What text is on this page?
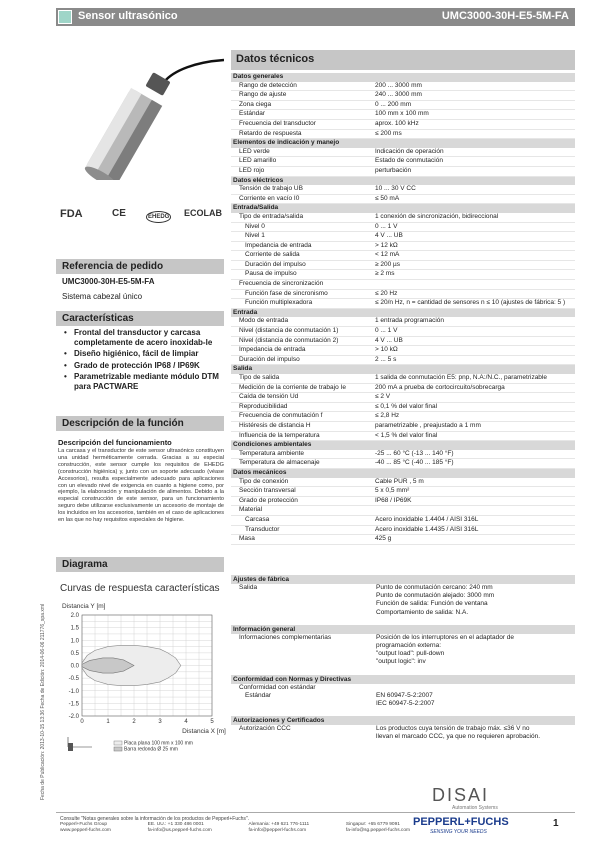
Sensor ultrasónico	UMC3000-30H-E5-5M-FA
FDA	CE	EHEDG ECOLAB
Referencia de pedido
UMC3000-30H-E5-5M-FA
Sistema cabezal único
Características
• Frontal del transductor y carcasa completamente de acero inoxidab-le
• Diseño higiénico, fácil de limpiar
• Grado de protección IP68 / IP69K
• Parametrizable mediante módulo DTM para PACTWARE
Descripción de la función
Descripción del funcionamiento
La carcasa y el transductor de este sensor ultrasónico constituyen una unidad herméticamente cerrada. Gracias a su especial construcción, este sensor cumple los requisitos de EHEDG (construcción higiénica) y, junto con un soporte adecuado (véase Accesorios), resulta especialmente adecuado para aplicaciones con un elevado nivel de exigencia en cuanto a higiene como, por ejemplo, la elaboración y manipulación de alimentos. Debido a la especial construcción de este sensor, para un funcionamiento seguro debe utilizarse exclusivamente un accesorio de montaje de los incluidos en los accesorios, también en el caso de aplicaciones en las que no hay requisitos especiales de higiene.
Diagrama
Curvas de respuesta características
0	1	2	3	4	5
2.0
1.5
1.0
0.5
0.0
-0.5
-1.0
-1.5
-2.0
Distancia Y [m]
Distancia X [m]
Placa plana 100 mm x 100 mm
Barra redonda Ø 25 mm
Fecha de Publicación: 2013-10-15 13:36 Fecha de Edición: 2014-06-06 211776_spa.xml
Datos técnicos
Datos generales	
Rango de detección	200 ... 3000 mm
Rango de ajuste	240 ... 3000 mm
Zona ciega	0 ... 200 mm
Estándar	100 mm x 100 mm
Frecuencia del transductor	aprox. 100 kHz
Retardo de respuesta	≤ 200 ms
Elementos de indicación y manejo	
LED verde	Indicación de operación
LED amarillo	Estado de conmutación
LED rojo	perturbación
Datos eléctricos	
Tensión de trabajo UB	10 ... 30 V CC
Corriente en vacío I0	≤ 50 mA
Entrada/Salida	
Tipo de entrada/salida	1 conexión de sincronización, bidireccional
Nivel 0	0 ... 1 V
Nivel 1	4 V ... UB
Impedancia de entrada	> 12 kΩ
Corriente de salida	< 12 mA
Duración del impulso	≥ 200 µs
Pausa de impulso	≥ 2 ms
Frecuencia de sincronización	
Función fase de sincronismo	≤ 20 Hz
Función multiplexadora	≤ 20/n Hz, n = cantidad de sensores n ≤ 10 (ajustes de fábrica: 5 )
Entrada	
Modo de entrada	1 entrada programación
Nivel (distancia de conmutación 1)	0 ... 1 V
Nivel (distancia de conmutación 2)	4 V ... UB
Impedancia de entrada	> 10 kΩ
Duración del impulso	2 ... 5 s
Salida	
Tipo de salida	1 salida de conmutación E5: pnp, N.A:/N.C., parametrizable
Medición de la corriente de trabajo Ie	200 mA a prueba de cortocircuito/sobrecarga
Caída de tensión Ud	≤ 2 V
Reproducibilidad	≤ 0,1 % del valor final
Frecuencia de conmutación f	≤ 2,8 Hz
Histéresis de distancia H	parametrizable , preajustado a 1 mm
Influencia de la temperatura	< 1,5 % del valor final
Condiciones ambientales	
Temperatura ambiente	-25 ... 60 °C (-13 ... 140 °F)
Temperatura de almacenaje	-40 ... 85 °C (-40 ... 185 °F)
Datos mecánicos	
Tipo de conexión	Cable PUR , 5 m
Sección transversal	5 x 0,5 mm²
Grado de protección	IP68 / IP69K
Material	
Carcasa	Acero inoxidable 1.4404 / AISI 316L
Transductor	Acero inoxidable 1.4435 / AISI 316L
Masa	425 g
Ajustes de fábrica
Salida	Punto de conmutación cercano: 240 mm
Punto de conmutación alejado: 3000 mm
Función de salida: Función de ventana
Comportamiento de salida: N.A.
Información general
Informaciones complementarias	Posición de los interruptores en el adaptador de
programación externa:
"output load": pull-down
"output logic": inv
Conformidad con Normas y Directivas
Conformidad con estándar
Estándar	EN 60947-5-2:2007
IEC 60947-5-2:2007
Autorizaciones y Certificados
Autorización CCC	Los productos cuya tensión de trabajo máx. ≤36 V no
llevan el marcado CCC, ya que no requieren aprobación.
DISAI
Automation Systems
Consulte "Notas generales sobre la información de los productos de Pepperl+Fuchs".
Pepperl+Fuchs Group
www.pepperl-fuchs.com
EE. UU.: +1 330 486 0001
fa-info@us.pepperl-fuchs.com
Alemania: +49 621 776-1111
fa-info@pepperl-fuchs.com
Singapur: +65 6779 9091
fa-info@sg.pepperl-fuchs.com
PEPPERL+FUCHS
SENSING YOUR NEEDS
1
